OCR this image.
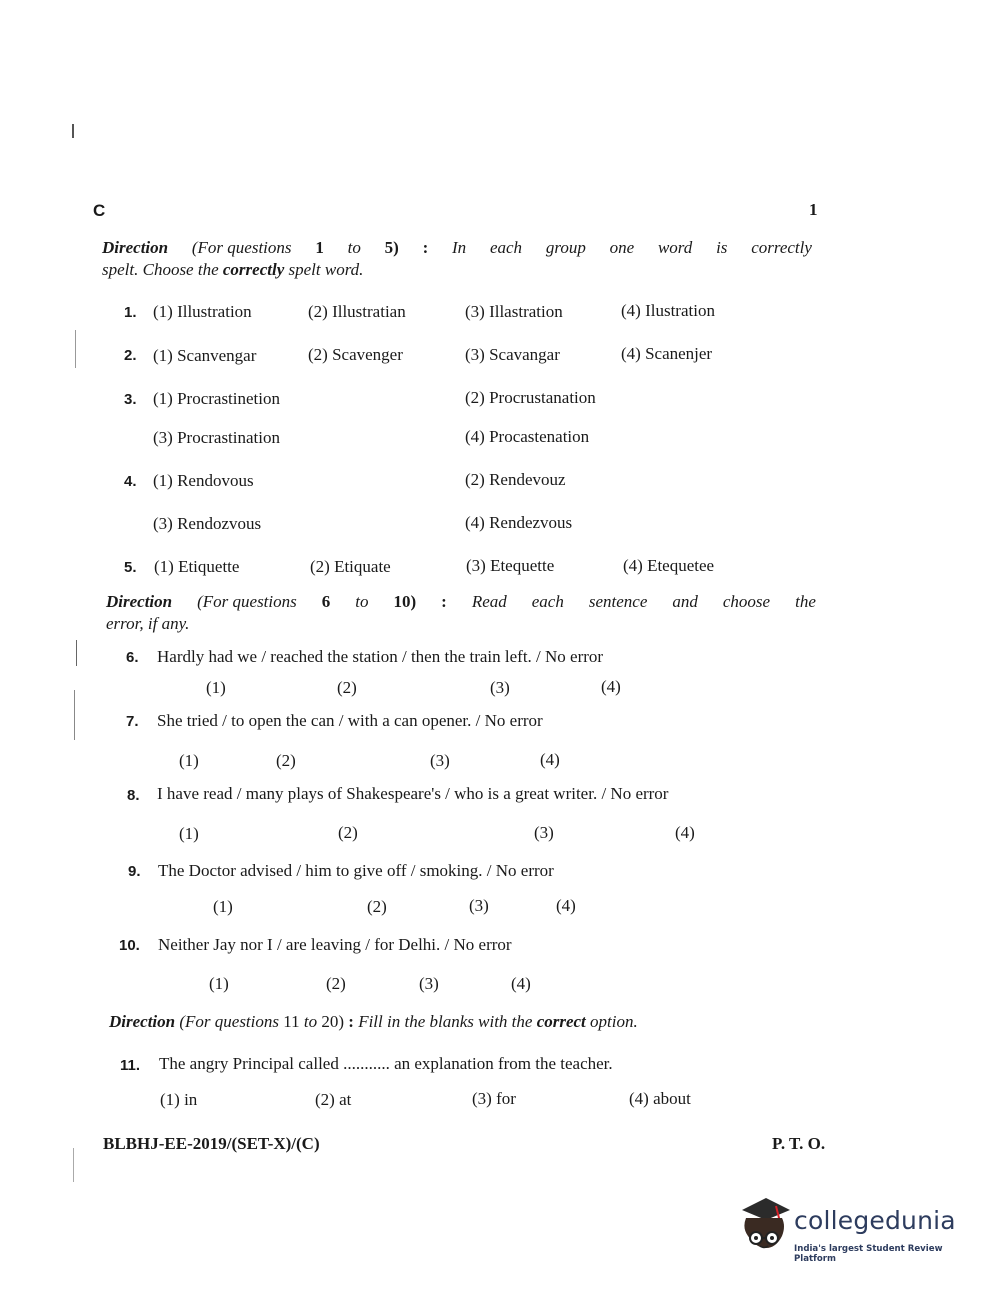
C	1
Direction (For questions 1 to 5) : In each group one word is correctly
spelt. Choose the correctly spelt word.
1. (1) Illustration	(2) Illustratian	(3) Illastration	(4) Ilustration
2. (1) Scanvengar	(2) Scavenger	(3) Scavangar	(4) Scanenjer
3. (1) Procrastinetion	(2) Procrustanation
(3) Procrastination	(4) Procastenation
4. (1) Rendovous	(2) Rendevouz
(3) Rendozvous	(4) Rendezvous
5. (1) Etiquette	(2) Etiquate	(3) Etequette	(4) Etequetee
Direction (For questions 6 to 10) : Read each sentence and choose the
error, if any.
6. Hardly had we / reached the station / then the train left. / No error
(1)	(2)	(3)	(4)
7. She tried / to open the can / with a can opener. / No error
(1)	(2)	(3)	(4)
8. I have read / many plays of Shakespeare's / who is a great writer. / No error
(1)	(2)	(3)	(4)
9. The Doctor advised / him to give off / smoking. / No error
(1)	(2)	(3)	(4)
10. Neither Jay nor I / are leaving / for Delhi. / No error
(1)	(2)	(3)	(4)
Direction (For questions 11 to 20) : Fill in the blanks with the correct option.
11. The angry Principal called ........... an explanation from the teacher.
(1) in	(2) at	(3) for	(4) about
BLBHJ-EE-2019/(SET-X)/(C)	P. T. O.
collegedunia
India's largest Student Review Platform
